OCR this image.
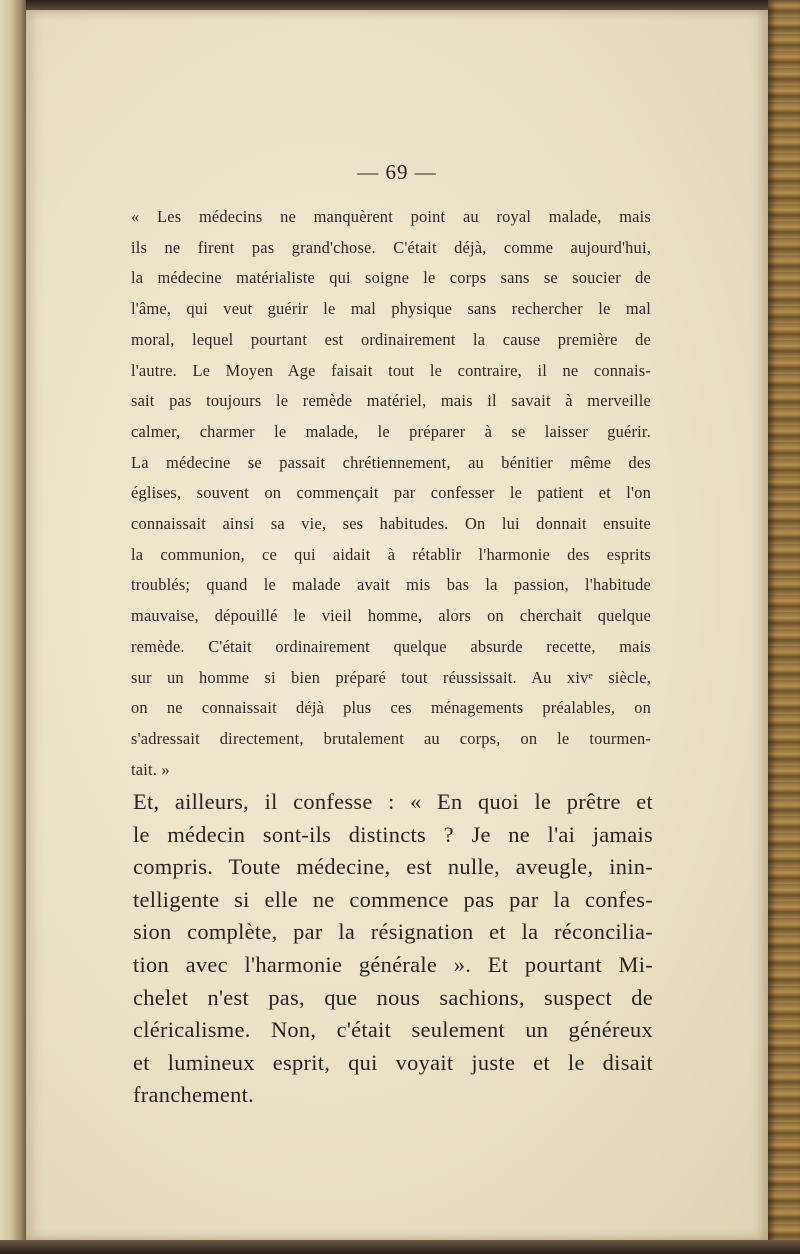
— 69 —
« Les médecins ne manquèrent point au royal malade, mais
ils ne firent pas grand'chose. C'était déjà, comme aujourd'hui,
la médecine matérialiste qui soigne le corps sans se soucier de
l'âme, qui veut guérir le mal physique sans rechercher le mal
moral, lequel pourtant est ordinairement la cause première de
l'autre. Le Moyen Age faisait tout le contraire, il ne connais-
sait pas toujours le remède matériel, mais il savait à merveille
calmer, charmer le malade, le préparer à se laisser guérir.
La médecine se passait chrétiennement, au bénitier même des
églises, souvent on commençait par confesser le patient et l'on
connaissait ainsi sa vie, ses habitudes. On lui donnait ensuite
la communion, ce qui aidait à rétablir l'harmonie des esprits
troublés; quand le malade avait mis bas la passion, l'habitude
mauvaise, dépouillé le vieil homme, alors on cherchait quelque
remède. C'était ordinairement quelque absurde recette, mais
sur un homme si bien préparé tout réussissait. Au xivᵉ siècle,
on ne connaissait déjà plus ces ménagements préalables, on
s'adressait directement, brutalement au corps, on le tourmen-
tait. »
Et, ailleurs, il confesse : « En quoi le prêtre et
le médecin sont-ils distincts ? Je ne l'ai jamais
compris. Toute médecine, est nulle, aveugle, inin-
telligente si elle ne commence pas par la confes-
sion complète, par la résignation et la réconcilia-
tion avec l'harmonie générale ». Et pourtant Mi-
chelet n'est pas, que nous sachions, suspect de
cléricalisme. Non, c'était seulement un généreux
et lumineux esprit, qui voyait juste et le disait
franchement.
